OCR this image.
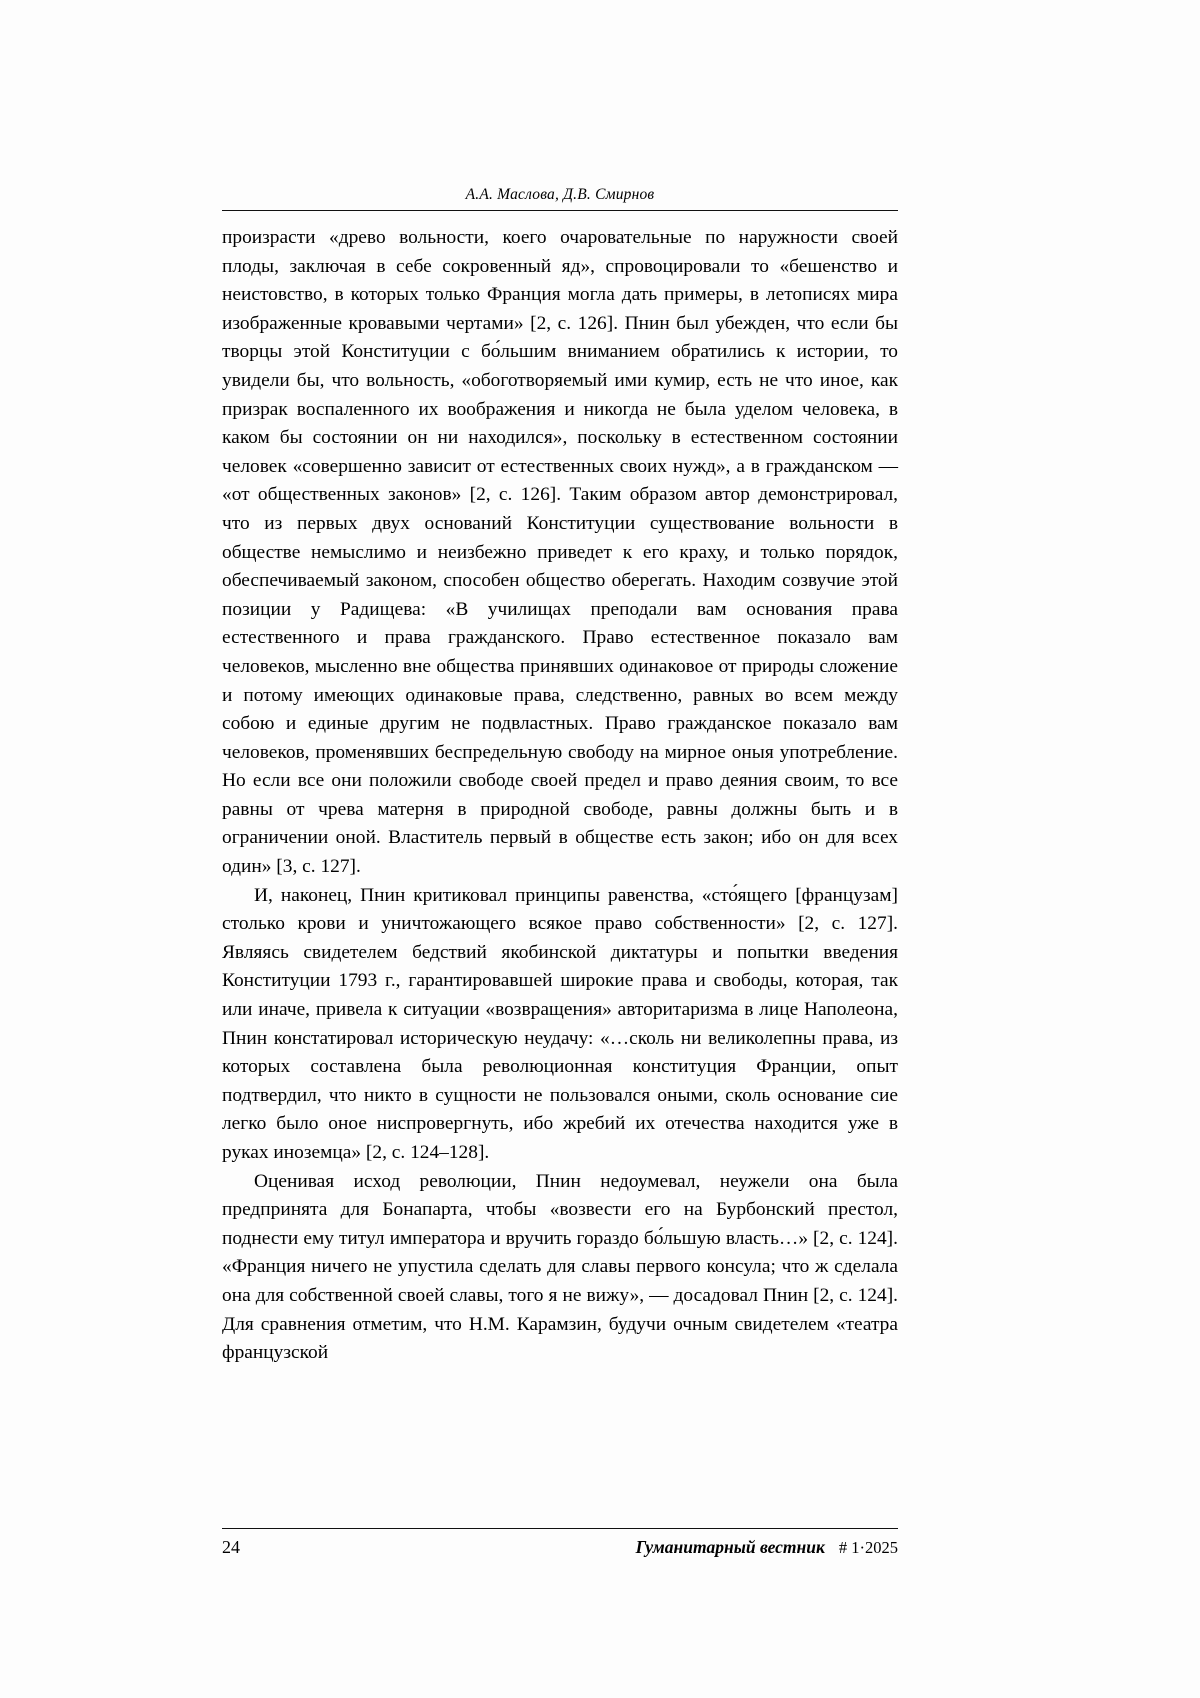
А.А. Маслова, Д.В. Смирнов

произрасти «древо вольности, коего очаровательные по наружности своей плоды, заключая в себе сокровенный яд», спровоцировали то «бешенство и неистовство, в которых только Франция могла дать примеры, в летописях мира изображенные кровавыми чертами» [2, с. 126]. Пнин был убежден, что если бы творцы этой Конституции с бо́льшим вниманием обратились к истории, то увидели бы, что вольность, «обоготворяемый ими кумир, есть не что иное, как призрак воспаленного их воображения и никогда не была уделом человека, в каком бы состоянии он ни находился», поскольку в естественном состоянии человек «совершенно зависит от естественных своих нужд», а в гражданском — «от общественных законов» [2, с. 126]. Таким образом автор демонстрировал, что из первых двух оснований Конституции существование вольности в обществе немыслимо и неизбежно приведет к его краху, и только порядок, обеспечиваемый законом, способен общество оберегать. Находим созвучие этой позиции у Радищева: «В училищах преподали вам основания права естественного и права гражданского. Право естественное показало вам человеков, мысленно вне общества принявших одинаковое от природы сложение и потому имеющих одинаковые права, следственно, равных во всем между собою и единые другим не подвластных. Право гражданское показало вам человеков, променявших беспредельную свободу на мирное оныя употребление. Но если все они положили свободе своей предел и право деяния своим, то все равны от чрева матерня в природной свободе, равны должны быть и в ограничении оной. Властитель первый в обществе есть закон; ибо он для всех один» [3, с. 127].

И, наконец, Пнин критиковал принципы равенства, «сто́ящего [французам] столько крови и уничтожающего всякое право собственности» [2, с. 127]. Являясь свидетелем бедствий якобинской диктатуры и попытки введения Конституции 1793 г., гарантировавшей широкие права и свободы, которая, так или иначе, привела к ситуации «возвращения» авторитаризма в лице Наполеона, Пнин констатировал историческую неудачу: «…сколь ни великолепны права, из которых составлена была революционная конституция Франции, опыт подтвердил, что никто в сущности не пользовался оными, сколь основание сие легко было оное ниспровергнуть, ибо жребий их отечества находится уже в руках иноземца» [2, с. 124–128].

Оценивая исход революции, Пнин недоумевал, неужели она была предпринята для Бонапарта, чтобы «возвести его на Бурбонский престол, поднести ему титул императора и вручить гораздо бо́льшую власть…» [2, с. 124]. «Франция ничего не упустила сделать для славы первого консула; что ж сделала она для собственной своей славы, того я не вижу», — досадовал Пнин [2, с. 124]. Для сравнения отметим, что Н.М. Карамзин, будучи очным свидетелем «театра французской

24	Гуманитарный вестник # 1·2025
